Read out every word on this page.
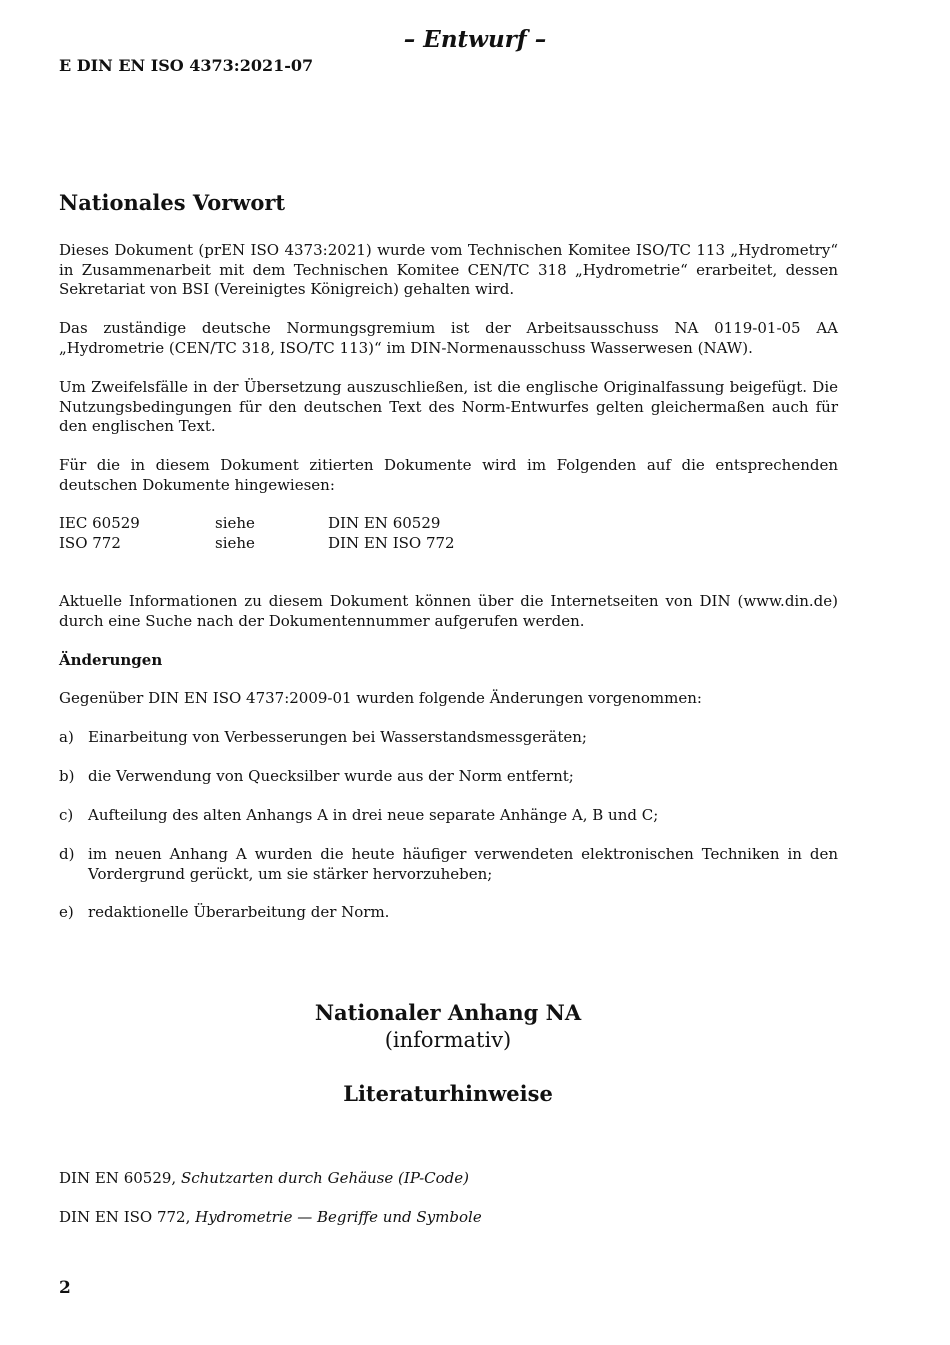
– Entwurf –
E DIN EN ISO 4373:2021-07
Nationales Vorwort
Dieses Dokument (prEN ISO 4373:2021) wurde vom Technischen Komitee ISO/TC 113 „Hydrometry“ in Zusammenarbeit mit dem Technischen Komitee CEN/TC 318 „Hydrometrie“ erarbeitet, dessen Sekretariat von BSI (Vereinigtes Königreich) gehalten wird.
Das zuständige deutsche Normungsgremium ist der Arbeitsausschuss NA 0119-01-05 AA „Hydrometrie (CEN/TC 318, ISO/TC 113)“ im DIN-Normenausschuss Wasserwesen (NAW).
Um Zweifelsfälle in der Übersetzung auszuschließen, ist die englische Originalfassung beigefügt. Die Nutzungsbedingungen für den deutschen Text des Norm-Entwurfes gelten gleichermaßen auch für den englischen Text.
Für die in diesem Dokument zitierten Dokumente wird im Folgenden auf die entsprechenden deutschen Dokumente hingewiesen:
IEC 60529	siehe	DIN EN 60529
ISO 772	siehe	DIN EN ISO 772
Aktuelle Informationen zu diesem Dokument können über die Internetseiten von DIN (www.din.de) durch eine Suche nach der Dokumentennummer aufgerufen werden.
Änderungen
Gegenüber DIN EN ISO 4737:2009-01 wurden folgende Änderungen vorgenommen:
a) Einarbeitung von Verbesserungen bei Wasserstandsmessgeräten;
b) die Verwendung von Quecksilber wurde aus der Norm entfernt;
c) Aufteilung des alten Anhangs A in drei neue separate Anhänge A, B und C;
d) im neuen Anhang A wurden die heute häufiger verwendeten elektronischen Techniken in den Vordergrund gerückt, um sie stärker hervorzuheben;
e) redaktionelle Überarbeitung der Norm.
Nationaler Anhang NA
(informativ)
Literaturhinweise
DIN EN 60529, Schutzarten durch Gehäuse (IP-Code)
DIN EN ISO 772, Hydrometrie — Begriffe und Symbole
2
